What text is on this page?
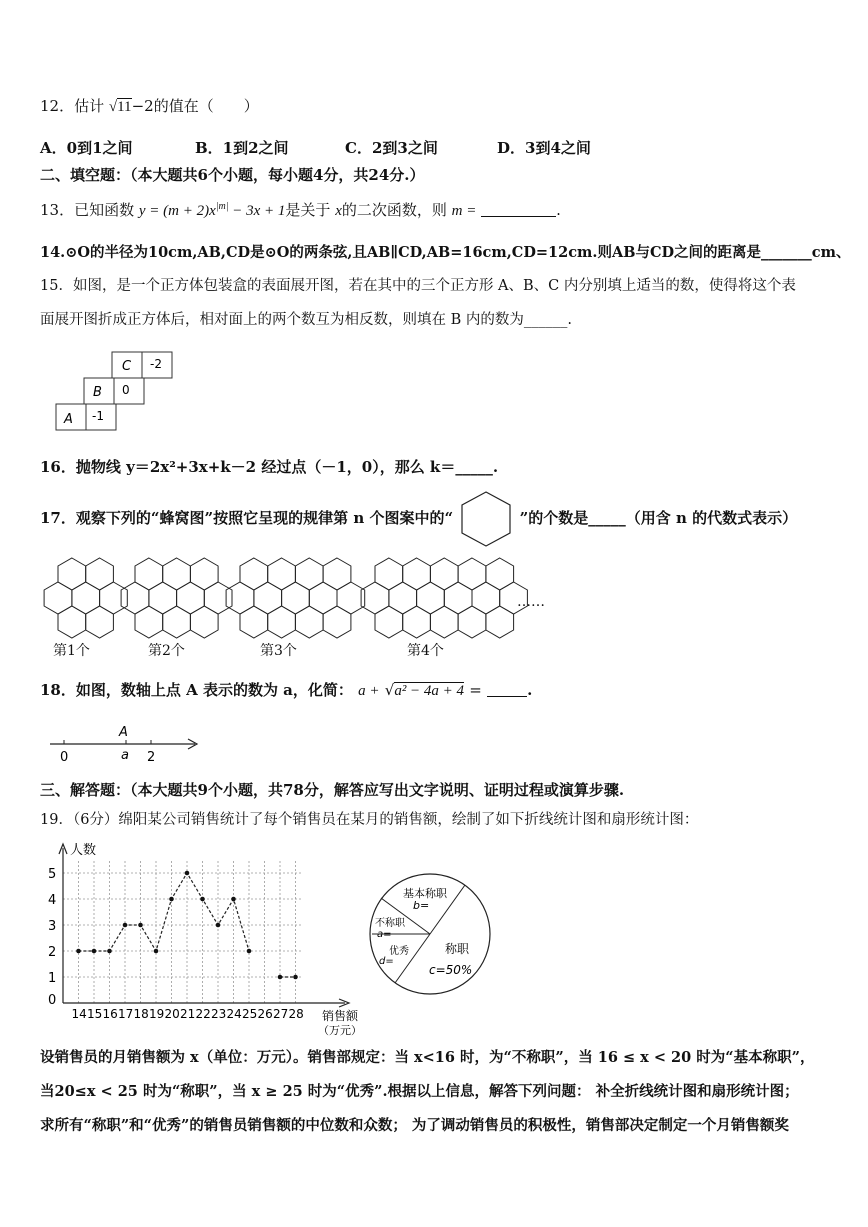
12．估计 √11−2的值在（　　）
A．0到1之间	B．1到2之间	C．2到3之间	D．3到4之间
二、填空题：（本大题共6个小题，每小题4分，共24分.）
13．已知函数 $y = (m + 2)x^{|m|} - 3x + 1$是关于 x的二次函数，则 m =	.
14.⊙O的半径为10cm,AB,CD是⊙O的两条弦,且AB∥CD,AB=16cm,CD=12cm.则AB与CD之间的距离是_______cm、
15．如图，是一个正方体包装盒的表面展开图，若在其中的三个正方形 A、B、C 内分别填上适当的数，使得将这个表
面展开图折成正方体后，相对面上的两个数互为相反数，则填在 B 内的数为______.
C -2
B 0
A -1
16．抛物线 y＝2x²+3x+k－2 经过点（－1，0），那么 k＝_____.
17．观察下列的“蜂窝图”按照它呈现的规律第 n 个图案中的“	”的个数是_____（用含 n 的代数式表示）
第1个	第2个	第3个	第4个
……
18．如图，数轴上点 A 表示的数为 a，化简： a + √a² − 4a + 4 =	.
A
0	a 2
三、解答题：（本大题共9个小题，共78分，解答应写出文字说明、证明过程或演算步骤.
19．（6分）绵阳某公司销售统计了每个销售员在某月的销售额，绘制了如下折线统计图和扇形统计图：
人数
销售额
（万元）
0
1
2
3
4
5
14 15 16 17 18 19 20 21 22 23 24 25 26 27 28
基本称职
b=
不称职
a=
优秀
d=
称职
c=50%
设销售员的月销售额为 x（单位：万元）。销售部规定：当 x<16 时，为“不称职”，当 16 ≤ x < 20 时为“基本称职”，
当20≤x < 25 时为“称职”，当 x ≥ 25 时为“优秀”.根据以上信息，解答下列问题： 补全折线统计图和扇形统计图；
求所有“称职”和“优秀”的销售员销售额的中位数和众数； 为了调动销售员的积极性，销售部决定制定一个月销售额奖
